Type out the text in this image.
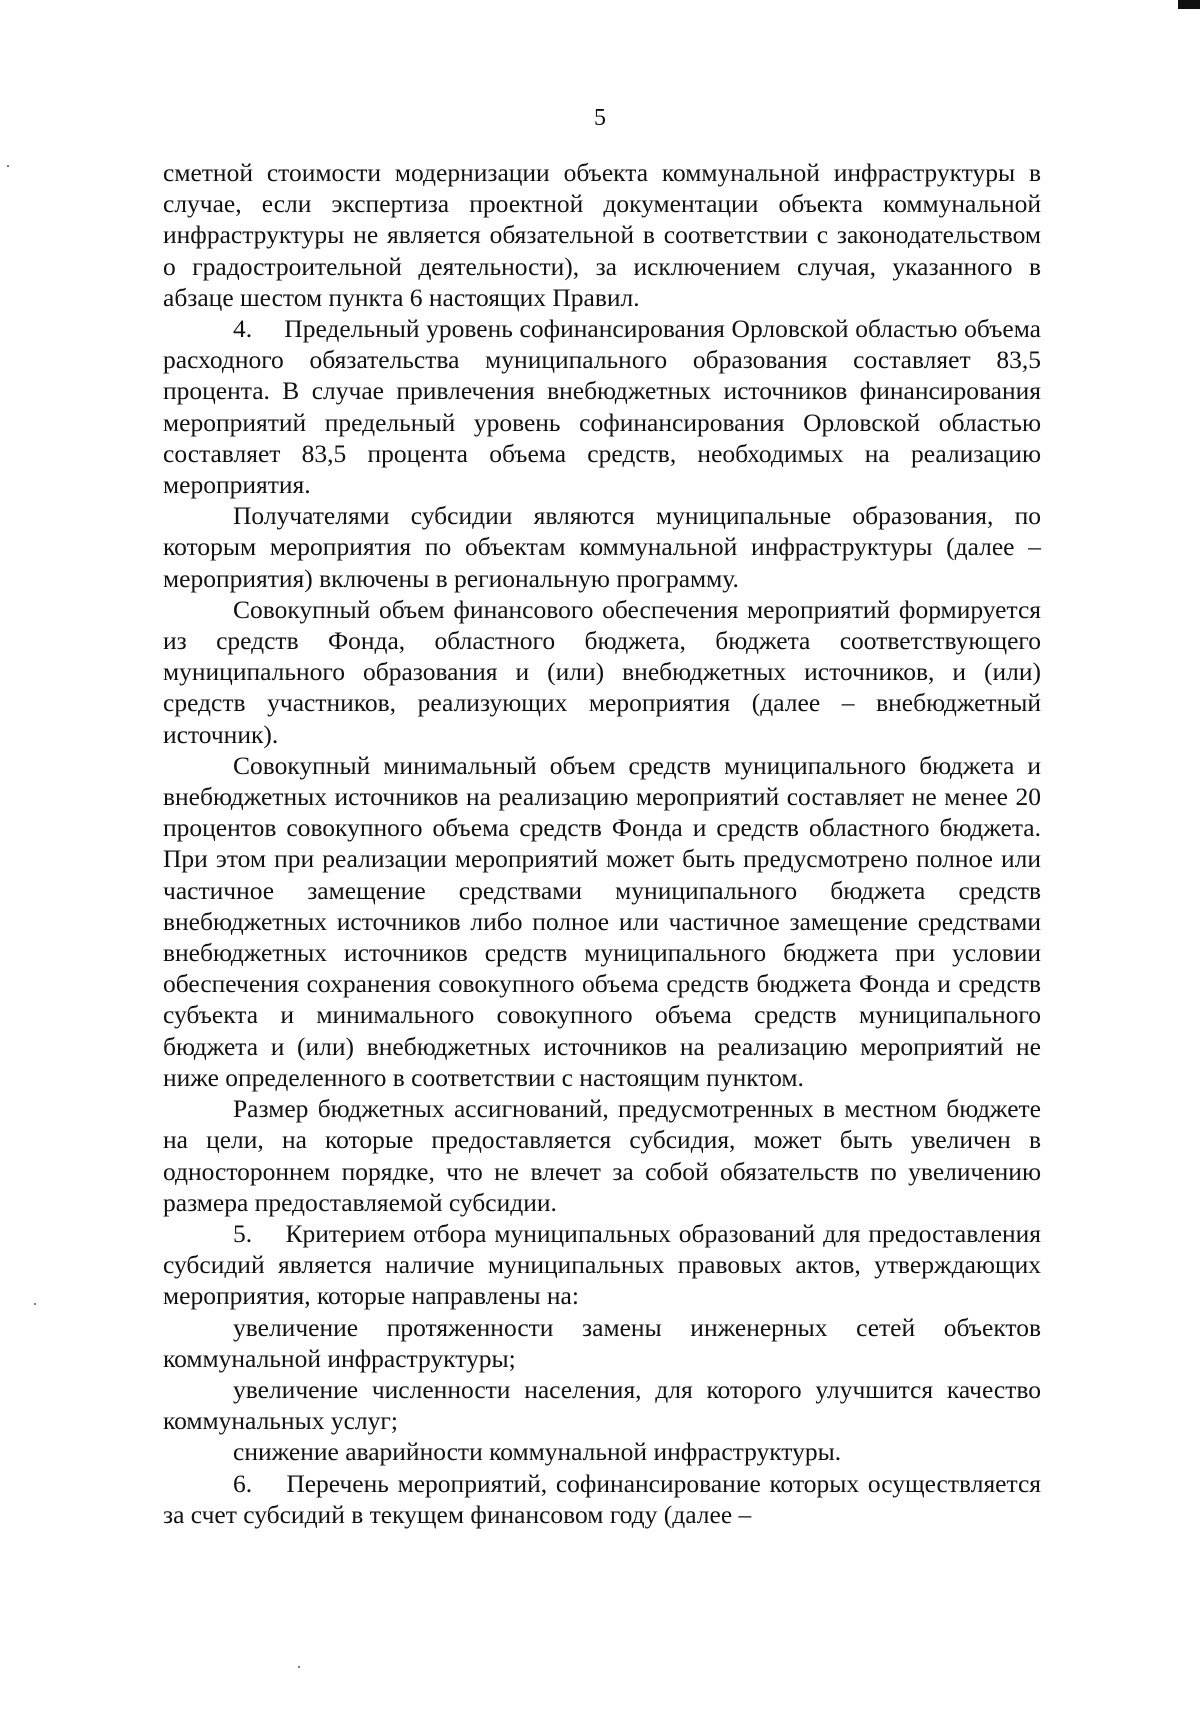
5

сметной стоимости модернизации объекта коммунальной инфраструктуры в случае, если экспертиза проектной документации объекта коммунальной инфраструктуры не является обязательной в соответствии с законодательством о градостроительной деятельности), за исключением случая, указанного в абзаце шестом пункта 6 настоящих Правил.

4.  Предельный уровень софинансирования Орловской областью объема расходного обязательства муниципального образования составляет 83,5 процента. В случае привлечения внебюджетных источников финансирования мероприятий предельный уровень софинансирования Орловской областью составляет 83,5 процента объема средств, необходимых на реализацию мероприятия.

Получателями субсидии являются муниципальные образования, по которым мероприятия по объектам коммунальной инфраструктуры (далее – мероприятия) включены в региональную программу.

Совокупный объем финансового обеспечения мероприятий формируется из средств Фонда, областного бюджета, бюджета соответствующего муниципального образования и (или) внебюджетных источников, и (или) средств участников, реализующих мероприятия (далее – внебюджетный источник).

Совокупный минимальный объем средств муниципального бюджета и внебюджетных источников на реализацию мероприятий составляет не менее 20 процентов совокупного объема средств Фонда и средств областного бюджета. При этом при реализации мероприятий может быть предусмотрено полное или частичное замещение средствами муниципального бюджета средств внебюджетных источников либо полное или частичное замещение средствами внебюджетных источников средств муниципального бюджета при условии обеспечения сохранения совокупного объема средств бюджета Фонда и средств субъекта и минимального совокупного объема средств муниципального бюджета и (или) внебюджетных источников на реализацию мероприятий не ниже определенного в соответствии с настоящим пунктом.

Размер бюджетных ассигнований, предусмотренных в местном бюджете на цели, на которые предоставляется субсидия, может быть увеличен в одностороннем порядке, что не влечет за собой обязательств по увеличению размера предоставляемой субсидии.

5.  Критерием отбора муниципальных образований для предоставления субсидий является наличие муниципальных правовых актов, утверждающих мероприятия, которые направлены на:

увеличение протяженности замены инженерных сетей объектов коммунальной инфраструктуры;

увеличение численности населения, для которого улучшится качество коммунальных услуг;

снижение аварийности коммунальной инфраструктуры.

6.  Перечень мероприятий, софинансирование которых осуществляется за счет субсидий в текущем финансовом году (далее –
